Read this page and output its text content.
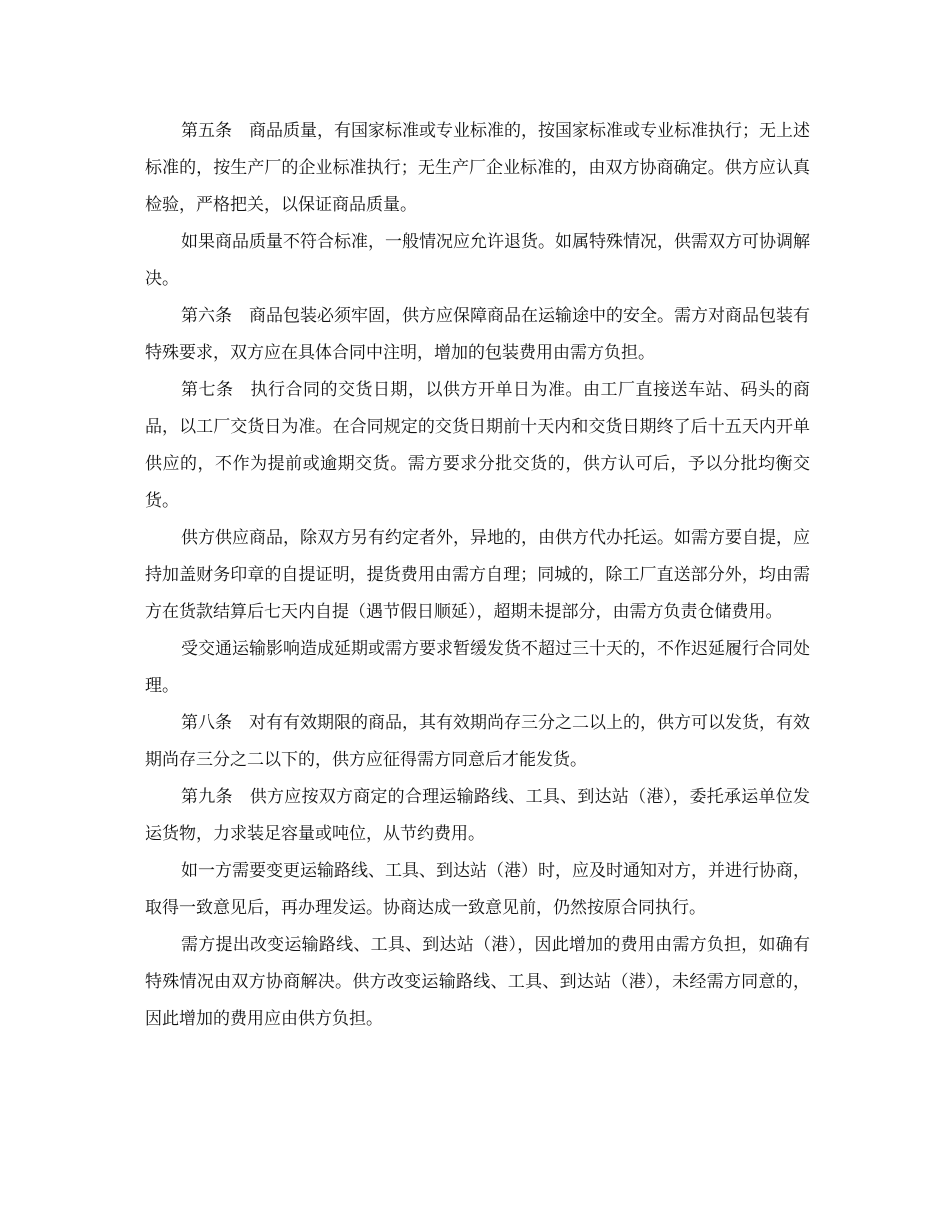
第五条 商品质量，有国家标准或专业标准的，按国家标准或专业标准执行；无上述标准的，按生产厂的企业标准执行；无生产厂企业标准的，由双方协商确定。供方应认真检验，严格把关，以保证商品质量。

如果商品质量不符合标准，一般情况应允许退货。如属特殊情况，供需双方可协调解决。

第六条 商品包装必须牢固，供方应保障商品在运输途中的安全。需方对商品包装有特殊要求，双方应在具体合同中注明，增加的包装费用由需方负担。

第七条 执行合同的交货日期，以供方开单日为准。由工厂直接送车站、码头的商品，以工厂交货日为准。在合同规定的交货日期前十天内和交货日期终了后十五天内开单供应的，不作为提前或逾期交货。需方要求分批交货的，供方认可后，予以分批均衡交货。

供方供应商品，除双方另有约定者外，异地的，由供方代办托运。如需方要自提，应持加盖财务印章的自提证明，提货费用由需方自理；同城的，除工厂直送部分外，均由需方在货款结算后七天内自提（遇节假日顺延），超期未提部分，由需方负责仓储费用。

受交通运输影响造成延期或需方要求暂缓发货不超过三十天的，不作迟延履行合同处理。

第八条 对有有效期限的商品，其有效期尚存三分之二以上的，供方可以发货，有效期尚存三分之二以下的，供方应征得需方同意后才能发货。

第九条 供方应按双方商定的合理运输路线、工具、到达站（港），委托承运单位发运货物，力求装足容量或吨位，从节约费用。

如一方需要变更运输路线、工具、到达站（港）时，应及时通知对方，并进行协商，取得一致意见后，再办理发运。协商达成一致意见前，仍然按原合同执行。

需方提出改变运输路线、工具、到达站（港），因此增加的费用由需方负担，如确有特殊情况由双方协商解决。供方改变运输路线、工具、到达站（港），未经需方同意的，因此增加的费用应由供方负担。
